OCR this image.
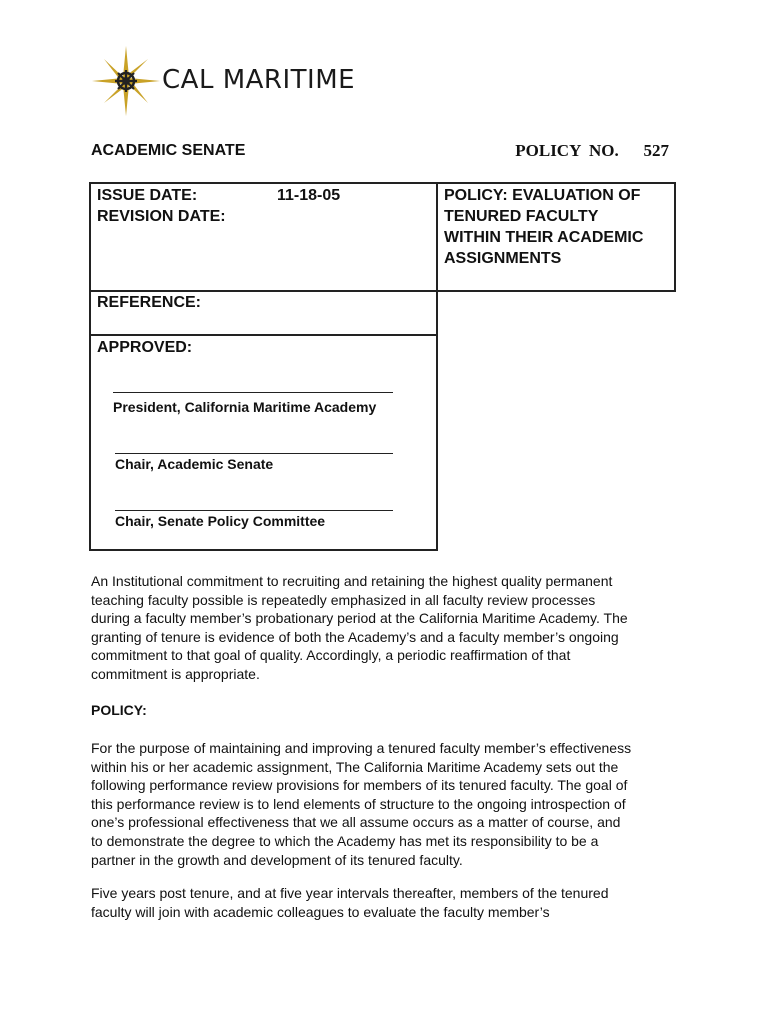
CAL MARITIME
ACADEMIC SENATE	POLICY NO.   527
ISSUE DATE:	11-18-05
REVISION DATE:
POLICY: EVALUATION OF
TENURED FACULTY
WITHIN THEIR ACADEMIC
ASSIGNMENTS
REFERENCE:
APPROVED:
President, California Maritime Academy
Chair, Academic Senate
Chair, Senate Policy Committee
An Institutional commitment to recruiting and retaining the highest quality permanent
teaching faculty possible is repeatedly emphasized in all faculty review processes
during a faculty member’s probationary period at the California Maritime Academy. The
granting of tenure is evidence of both the Academy’s and a faculty member’s ongoing
commitment to that goal of quality. Accordingly, a periodic reaffirmation of that
commitment is appropriate.
POLICY:
For the purpose of maintaining and improving a tenured faculty member’s effectiveness
within his or her academic assignment, The California Maritime Academy sets out the
following performance review provisions for members of its tenured faculty. The goal of
this performance review is to lend elements of structure to the ongoing introspection of
one’s professional effectiveness that we all assume occurs as a matter of course, and
to demonstrate the degree to which the Academy has met its responsibility to be a
partner in the growth and development of its tenured faculty.
Five years post tenure, and at five year intervals thereafter, members of the tenured
faculty will join with academic colleagues to evaluate the faculty member’s
